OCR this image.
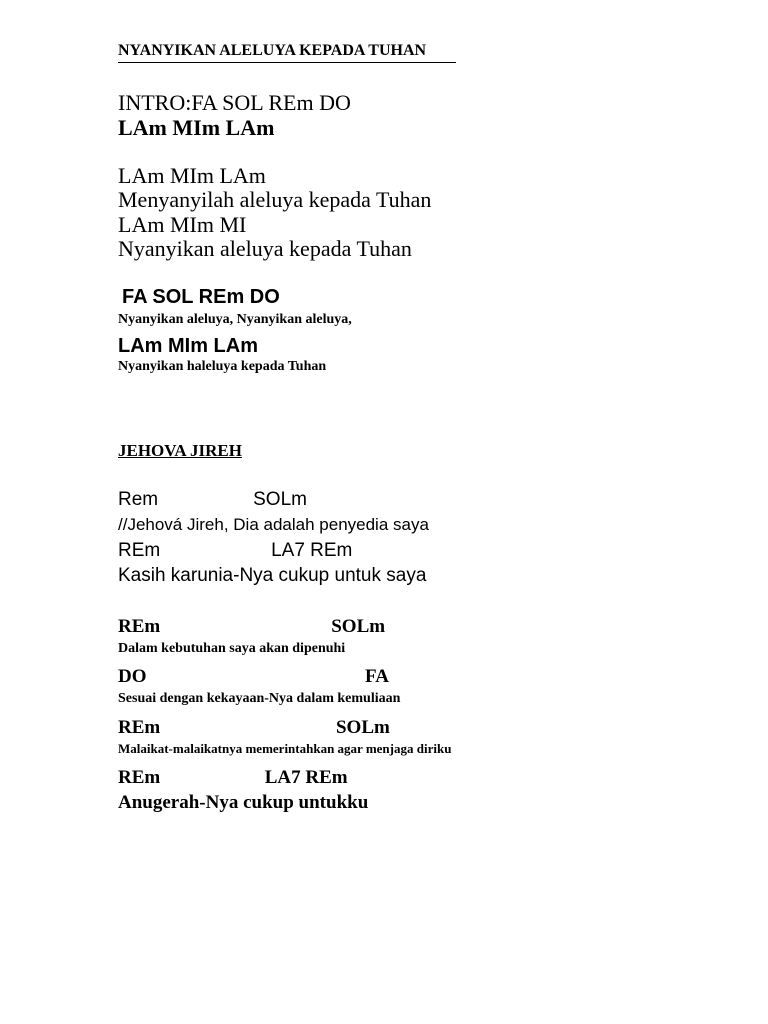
NYANYIKAN ALELUYA KEPADA TUHAN
INTRO:FA SOL REm DO
LAm MIm LAm
LAm MIm LAm
Menyanyilah aleluya kepada Tuhan
LAm MIm MI
Nyanyikan aleluya kepada Tuhan
FA SOL REm DO
Nyanyikan aleluya, Nyanyikan aleluya,
LAm MIm LAm
Nyanyikan haleluya kepada Tuhan
JEHOVA JIREH
Rem                  SOLm
//Jehová Jireh, Dia adalah penyedia saya
REm                     LA7 REm
Kasih karunia-Nya cukup untuk saya
REm                                    SOLm
Dalam kebutuhan saya akan dipenuhi
DO                                              FA
Sesuai dengan kekayaan-Nya dalam kemuliaan
REm                                     SOLm
Malaikat-malaikatnya memerintahkan agar menjaga diriku
REm                      LA7 REm
Anugerah-Nya cukup untukku
